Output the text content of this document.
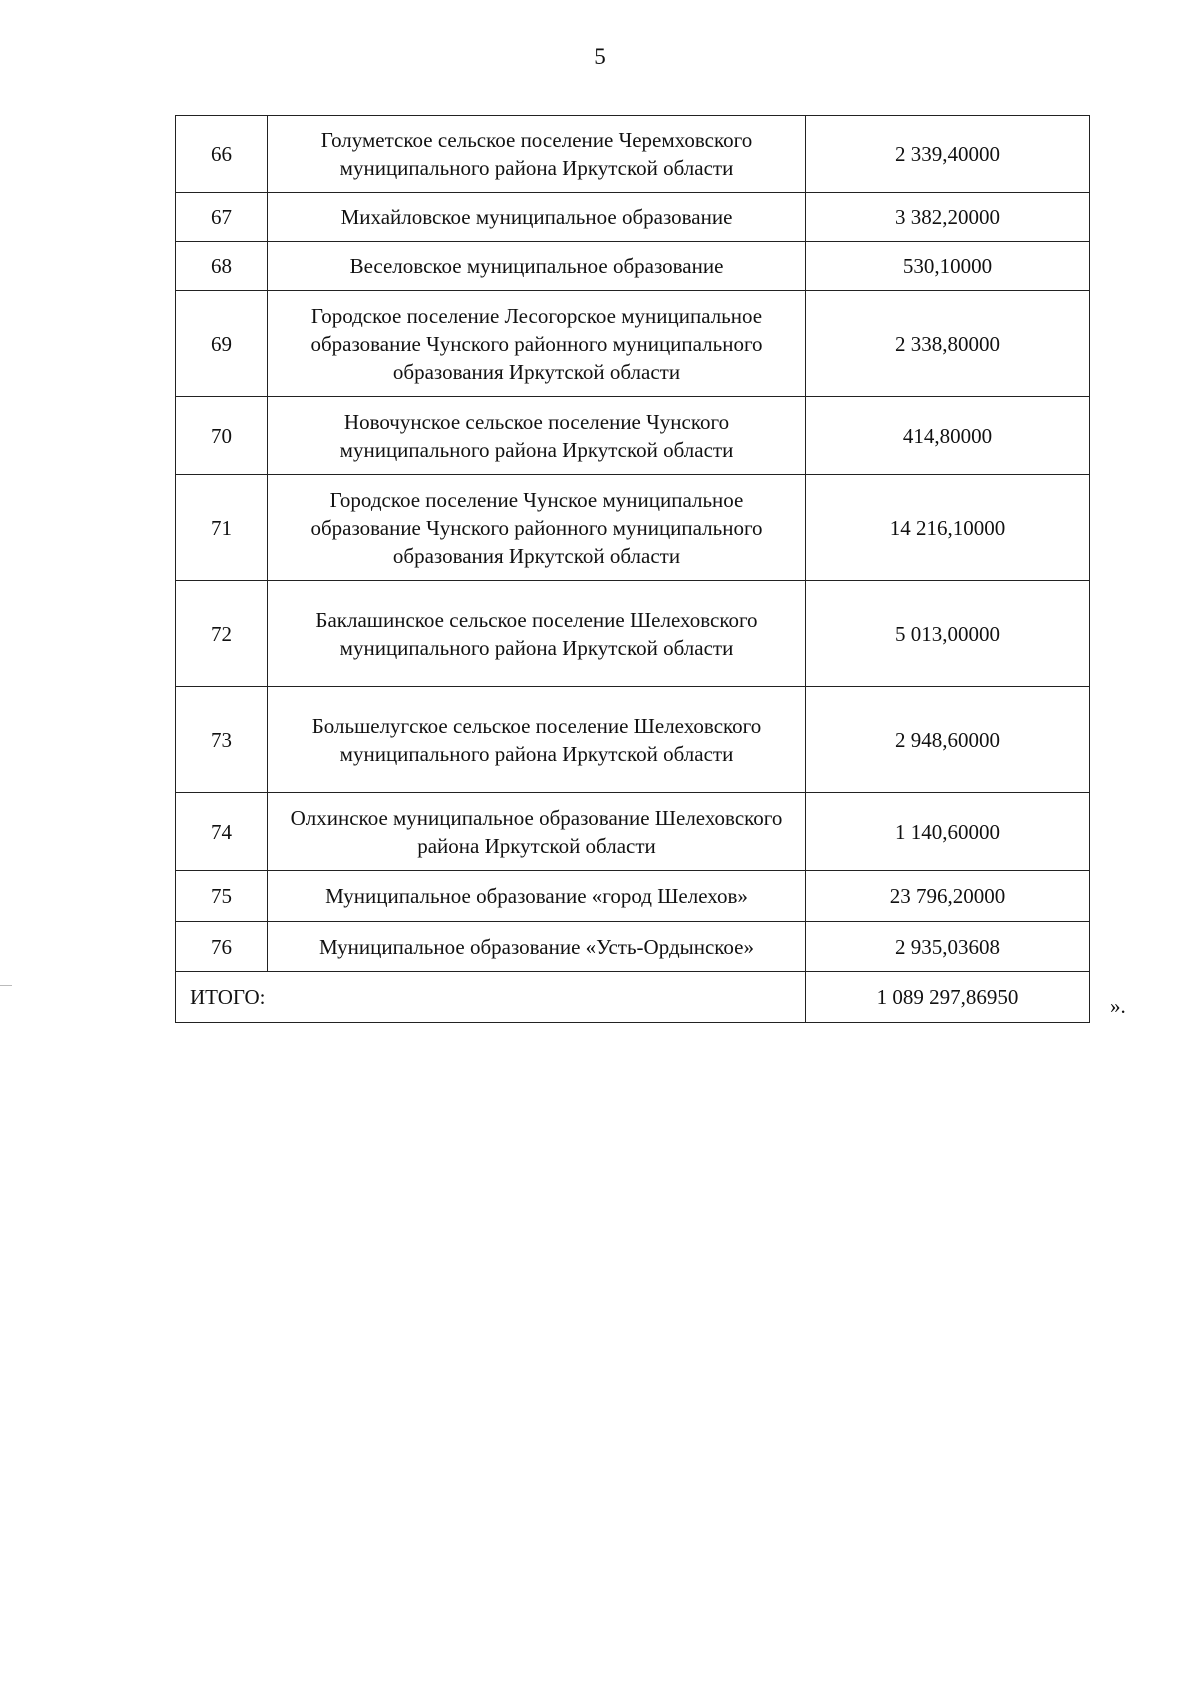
5
66	Голуметское сельское поселение Черемховского муниципального района Иркутской области	2 339,40000
67	Михайловское муниципальное образование	3 382,20000
68	Веселовское муниципальное образование	530,10000
69	Городское поселение Лесогорское муниципальное образование Чунского районного муниципального образования Иркутской области	2 338,80000
70	Новочунское сельское поселение Чунского муниципального района Иркутской области	414,80000
71	Городское поселение Чунское муниципальное образование Чунского районного муниципального образования Иркутской области	14 216,10000
72	Баклашинское сельское поселение Шелеховского муниципального района Иркутской области	5 013,00000
73	Большелугское сельское поселение Шелеховского муниципального района Иркутской области	2 948,60000
74	Олхинское муниципальное образование Шелеховского района Иркутской области	1 140,60000
75	Муниципальное образование «город Шелехов»	23 796,20000
76	Муниципальное образование «Усть-Ордынское»	2 935,03608
ИТОГО:		1 089 297,86950	».
